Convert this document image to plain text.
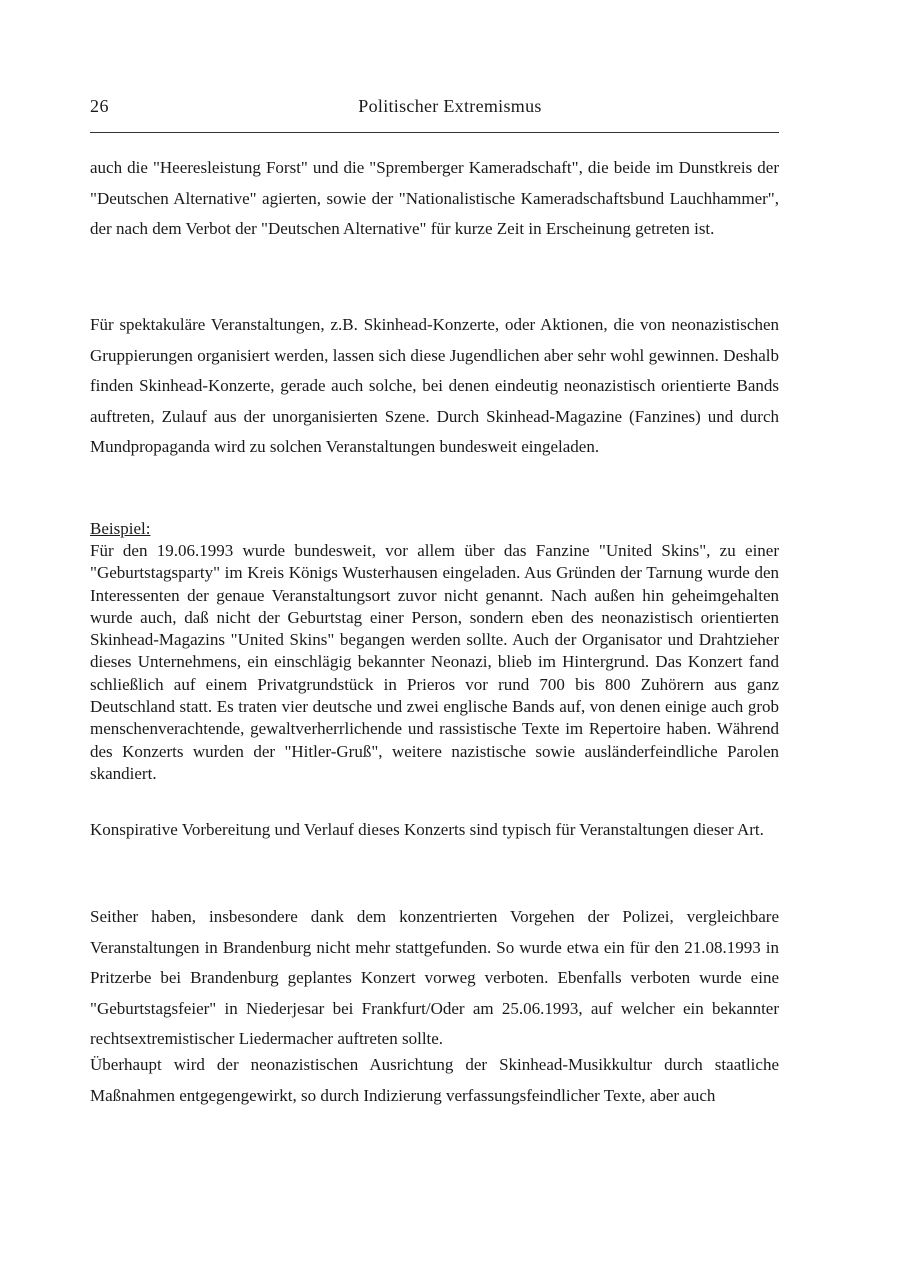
26	Politischer Extremismus

auch die "Heeresleistung Forst" und die "Spremberger Kameradschaft", die beide im Dunstkreis der "Deutschen Alternative" agierten, sowie der "Nationalistische Kameradschaftsbund Lauchhammer", der nach dem Verbot der "Deutschen Alternative" für kurze Zeit in Erscheinung getreten ist.

Für spektakuläre Veranstaltungen, z.B. Skinhead-Konzerte, oder Aktionen, die von neonazistischen Gruppierungen organisiert werden, lassen sich diese Jugendlichen aber sehr wohl gewinnen. Deshalb finden Skinhead-Konzerte, gerade auch solche, bei denen eindeutig neonazistisch orientierte Bands auftreten, Zulauf aus der unorganisierten Szene. Durch Skinhead-Magazine (Fanzines) und durch Mundpropaganda wird zu solchen Veranstaltungen bundesweit eingeladen.

Beispiel:

Für den 19.06.1993 wurde bundesweit, vor allem über das Fanzine "United Skins", zu einer "Geburtstagsparty" im Kreis Königs Wusterhausen eingeladen. Aus Gründen der Tarnung wurde den Interessenten der genaue Veranstaltungsort zuvor nicht genannt. Nach außen hin geheimgehalten wurde auch, daß nicht der Geburtstag einer Person, sondern eben des neonazistisch orientierten Skinhead-Magazins "United Skins" begangen werden sollte. Auch der Organisator und Drahtzieher dieses Unternehmens, ein einschlägig bekannter Neonazi, blieb im Hintergrund. Das Konzert fand schließlich auf einem Privatgrundstück in Prieros vor rund 700 bis 800 Zuhörern aus ganz Deutschland statt. Es traten vier deutsche und zwei englische Bands auf, von denen einige auch grob menschenverachtende, gewaltverherrlichende und rassistische Texte im Repertoire haben. Während des Konzerts wurden der "Hitler-Gruß", weitere nazistische sowie ausländerfeindliche Parolen skandiert.

Konspirative Vorbereitung und Verlauf dieses Konzerts sind typisch für Veranstaltungen dieser Art.

Seither haben, insbesondere dank dem konzentrierten Vorgehen der Polizei, vergleichbare Veranstaltungen in Brandenburg nicht mehr stattgefunden. So wurde etwa ein für den 21.08.1993 in Pritzerbe bei Brandenburg geplantes Konzert vorweg verboten. Ebenfalls verboten wurde eine "Geburtstagsfeier" in Niederjesar bei Frankfurt/Oder am 25.06.1993, auf welcher ein bekannter rechtsextremistischer Liedermacher auftreten sollte.

Überhaupt wird der neonazistischen Ausrichtung der Skinhead-Musikkultur durch staatliche Maßnahmen entgegengewirkt, so durch Indizierung verfassungsfeindlicher Texte, aber auch
